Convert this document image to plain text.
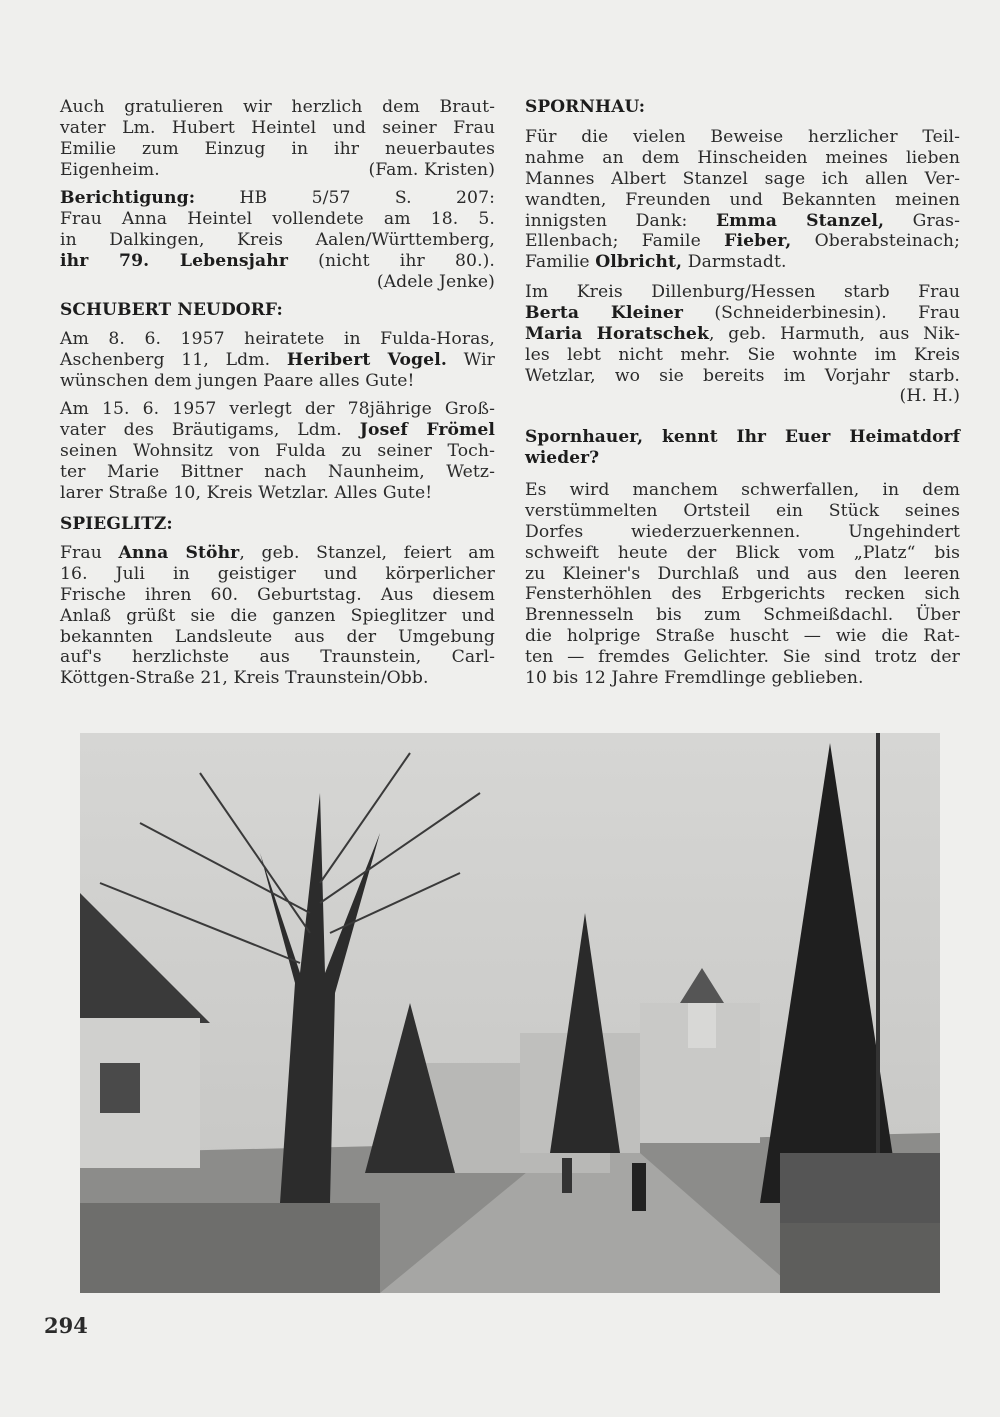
Auch gratulieren wir herzlich dem Braut-
vater Lm. Hubert Heintel und seiner Frau
Emilie zum Einzug in ihr neuerbautes
Eigenheim.	(Fam. Kristen)
Berichtigung: HB 5/57 S. 207:
Frau Anna Heintel vollendete am 18. 5.
in Dalkingen, Kreis Aalen/Württemberg,
ihr 79. Lebensjahr (nicht ihr 80.).
(Adele Jenke)
SCHUBERT NEUDORF:
Am 8. 6. 1957 heiratete in Fulda-Horas,
Aschenberg 11, Ldm. Heribert Vogel. Wir
wünschen dem jungen Paare alles Gute!
Am 15. 6. 1957 verlegt der 78jährige Groß-
vater des Bräutigams, Ldm. Josef Frömel
seinen Wohnsitz von Fulda zu seiner Toch-
ter Marie Bittner nach Naunheim, Wetz-
larer Straße 10, Kreis Wetzlar. Alles Gute!
SPIEGLITZ:
Frau Anna Stöhr, geb. Stanzel, feiert am
16. Juli in geistiger und körperlicher
Frische ihren 60. Geburtstag. Aus diesem
Anlaß grüßt sie die ganzen Spieglitzer und
bekannten Landsleute aus der Umgebung
auf's herzlichste aus Traunstein, Carl-
Köttgen-Straße 21, Kreis Traunstein/Obb.
SPORNHAU:
Für die vielen Beweise herzlicher Teil-
nahme an dem Hinscheiden meines lieben
Mannes Albert Stanzel sage ich allen Ver-
wandten, Freunden und Bekannten meinen
innigsten Dank: Emma Stanzel, Gras-
Ellenbach; Famile Fieber, Oberabsteinach;
Familie Olbricht, Darmstadt.
Im Kreis Dillenburg/Hessen starb Frau
Berta Kleiner (Schneiderbinesin). Frau
Maria Horatschek, geb. Harmuth, aus Nik-
les lebt nicht mehr. Sie wohnte im Kreis
Wetzlar, wo sie bereits im Vorjahr starb.
(H. H.)
Spornhauer, kennt Ihr Euer Heimatdorf
wieder?
Es wird manchem schwerfallen, in dem
verstümmelten Ortsteil ein Stück seines
Dorfes wiederzuerkennen. Ungehindert
schweift heute der Blick vom „Platz“ bis
zu Kleiner's Durchlaß und aus den leeren
Fensterhöhlen des Erbgerichts recken sich
Brennesseln bis zum Schmeißdachl. Über
die holprige Straße huscht — wie die Rat-
ten — fremdes Gelichter. Sie sind trotz der
10 bis 12 Jahre Fremdlinge geblieben.
294
